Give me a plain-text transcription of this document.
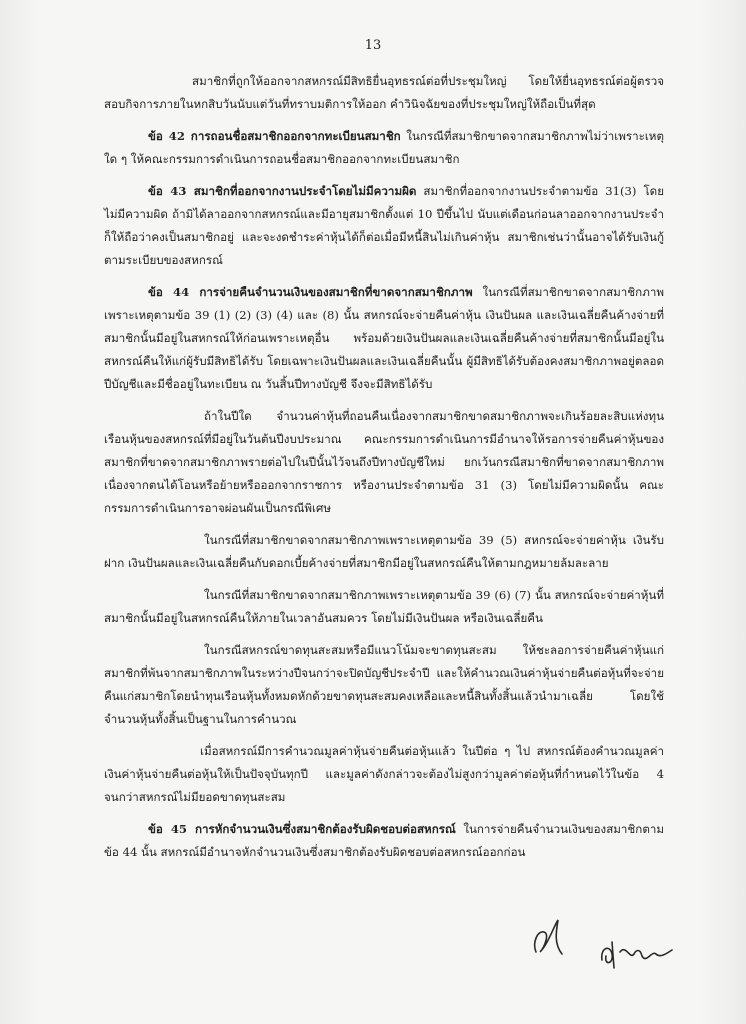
13

สมาชิกที่ถูกให้ออกจากสหกรณ์มีสิทธิยื่นอุทธรณ์ต่อที่ประชุมใหญ่ โดยให้ยื่นอุทธรณ์ต่อผู้ตรวจสอบกิจการภายในหกสิบวันนับแต่วันที่ทราบมติการให้ออก คำวินิจฉัยของที่ประชุมใหญ่ให้ถือเป็นที่สุด

ข้อ 42 การถอนชื่อสมาชิกออกจากทะเบียนสมาชิก ในกรณีที่สมาชิกขาดจากสมาชิกภาพไม่ว่าเพราะเหตุใด ๆ ให้คณะกรรมการดำเนินการถอนชื่อสมาชิกออกจากทะเบียนสมาชิก

ข้อ 43 สมาชิกที่ออกจากงานประจำโดยไม่มีความผิด สมาชิกที่ออกจากงานประจำตามข้อ 31(3) โดยไม่มีความผิด ถ้ามิได้ลาออกจากสหกรณ์และมีอายุสมาชิกตั้งแต่ 10 ปีขึ้นไป นับแต่เดือนก่อนลาออกจากงานประจำ ก็ให้ถือว่าคงเป็นสมาชิกอยู่ และจะงดชำระค่าหุ้นได้ก็ต่อเมื่อมีหนี้สินไม่เกินค่าหุ้น สมาชิกเช่นว่านั้นอาจได้รับเงินกู้ตามระเบียบของสหกรณ์

ข้อ 44 การจ่ายคืนจำนวนเงินของสมาชิกที่ขาดจากสมาชิกภาพ ในกรณีที่สมาชิกขาดจากสมาชิกภาพเพราะเหตุตามข้อ 39 (1) (2) (3) (4) และ (8) นั้น สหกรณ์จะจ่ายคืนค่าหุ้น เงินปันผล และเงินเฉลี่ยคืนค้างจ่ายที่สมาชิกนั้นมีอยู่ในสหกรณ์ให้ก่อนเพราะเหตุอื่น พร้อมด้วยเงินปันผลและเงินเฉลี่ยคืนค้างจ่ายที่สมาชิกนั้นมีอยู่ในสหกรณ์คืนให้แก่ผู้รับมีสิทธิได้รับ โดยเฉพาะเงินปันผลและเงินเฉลี่ยคืนนั้น ผู้มีสิทธิได้รับต้องคงสมาชิกภาพอยู่ตลอดปีบัญชีและมีชื่ออยู่ในทะเบียน ณ วันสิ้นปีทางบัญชี จึงจะมีสิทธิได้รับ

ถ้าในปีใด จำนวนค่าหุ้นที่ถอนคืนเนื่องจากสมาชิกขาดสมาชิกภาพจะเกินร้อยละสิบแห่งทุนเรือนหุ้นของสหกรณ์ที่มีอยู่ในวันต้นปีงบประมาณ คณะกรรมการดำเนินการมีอำนาจให้รอการจ่ายคืนค่าหุ้นของสมาชิกที่ขาดจากสมาชิกภาพรายต่อไปในปีนั้นไว้จนถึงปีทางบัญชีใหม่ ยกเว้นกรณีสมาชิกที่ขาดจากสมาชิกภาพเนื่องจากตนได้โอนหรือย้ายหรือออกจากราชการ หรืองานประจำตามข้อ 31 (3) โดยไม่มีความผิดนั้น คณะกรรมการดำเนินการอาจผ่อนผันเป็นกรณีพิเศษ

ในกรณีที่สมาชิกขาดจากสมาชิกภาพเพราะเหตุตามข้อ 39 (5) สหกรณ์จะจ่ายค่าหุ้น เงินรับฝาก เงินปันผลและเงินเฉลี่ยคืนกับดอกเบี้ยค้างจ่ายที่สมาชิกมีอยู่ในสหกรณ์คืนให้ตามกฎหมายล้มละลาย

ในกรณีที่สมาชิกขาดจากสมาชิกภาพเพราะเหตุตามข้อ 39 (6) (7) นั้น สหกรณ์จะจ่ายค่าหุ้นที่สมาชิกนั้นมีอยู่ในสหกรณ์คืนให้ภายในเวลาอันสมควร โดยไม่มีเงินปันผล หรือเงินเฉลี่ยคืน

ในกรณีสหกรณ์ขาดทุนสะสมหรือมีแนวโน้มจะขาดทุนสะสม ให้ชะลอการจ่ายคืนค่าหุ้นแก่สมาชิกที่พ้นจากสมาชิกภาพในระหว่างปีจนกว่าจะปิดบัญชีประจำปี และให้คำนวณเงินค่าหุ้นจ่ายคืนต่อหุ้นที่จะจ่ายคืนแก่สมาชิกโดยนำทุนเรือนหุ้นทั้งหมดหักด้วยขาดทุนสะสมคงเหลือและหนี้สินทั้งสิ้นแล้วนำมาเฉลี่ย โดยใช้จำนวนหุ้นทั้งสิ้นเป็นฐานในการคำนวณ

เมื่อสหกรณ์มีการคำนวณมูลค่าหุ้นจ่ายคืนต่อหุ้นแล้ว ในปีต่อ ๆ ไป สหกรณ์ต้องคำนวณมูลค่าเงินค่าหุ้นจ่ายคืนต่อหุ้นให้เป็นปัจจุบันทุกปี และมูลค่าดังกล่าวจะต้องไม่สูงกว่ามูลค่าต่อหุ้นที่กำหนดไว้ในข้อ 4 จนกว่าสหกรณ์ไม่มียอดขาดทุนสะสม

ข้อ 45 การหักจำนวนเงินซึ่งสมาชิกต้องรับผิดชอบต่อสหกรณ์ ในการจ่ายคืนจำนวนเงินของสมาชิกตามข้อ 44 นั้น สหกรณ์มีอำนาจหักจำนวนเงินซึ่งสมาชิกต้องรับผิดชอบต่อสหกรณ์ออกก่อน
